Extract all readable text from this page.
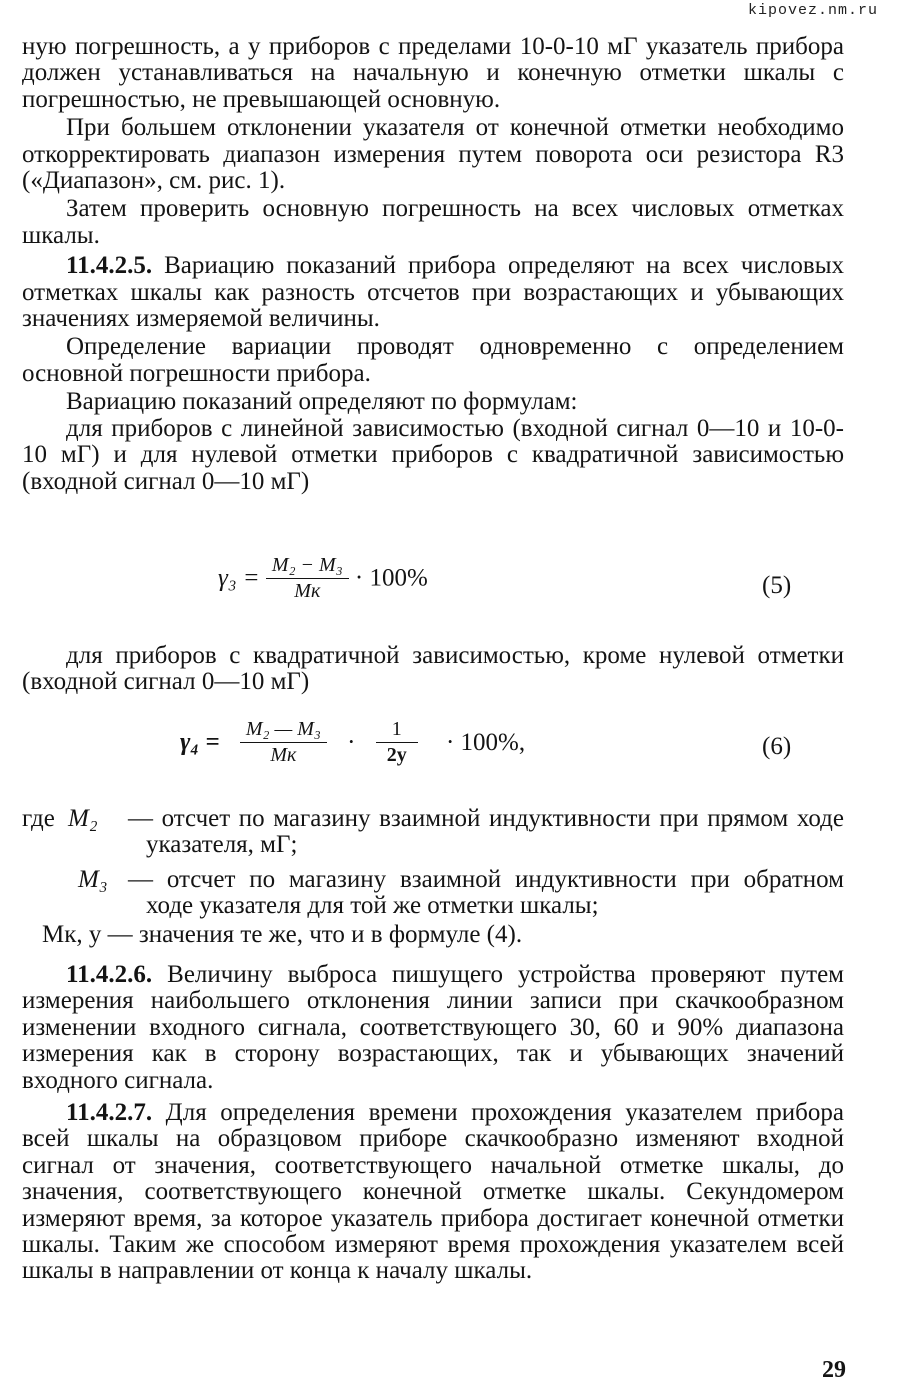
kipovez.nm.ru

ную погрешность, а у приборов с пределами 10-0-10 мГ указатель прибора должен устанавливаться на начальную и конечную отметки шкалы с погрешностью, не превышающей основную.

При большем отклонении указателя от конечной отметки необходимо откорректировать диапазон измерения путем поворота оси резистора R3 («Диапазон», см. рис. 1).

Затем проверить основную погрешность на всех числовых отметках шкалы.

11.4.2.5. Вариацию показаний прибора определяют на всех числовых отметках шкалы как разность отсчетов при возрастающих и убывающих значениях измеряемой величины.

Определение вариации проводят одновременно с определением основной погрешности прибора.

Вариацию показаний определяют по формулам:

для приборов с линейной зависимостью (входной сигнал 0—10 и 10-0-10 мГ) и для нулевой отметки приборов с квадратичной зависимостью (входной сигнал 0—10 мГ)

$\gamma_3 = \frac{\text{M₂ − M₃}}{Mк} \cdot 100\%$	(5)

для приборов с квадратичной зависимостью, кроме нулевой отметки (входной сигнал 0—10 мГ)

$\gamma_4 = \frac{\text{M₂ — M₃}}{Mк} \cdot \frac{1}{2y} \cdot 100\%$,	(6)
где M₂ — отсчет по магазину взаимной индуктивности при прямом ходе указателя, мГ;
M₃ — отсчет по магазину взаимной индуктивности при обратном ходе указателя для той же отметки шкалы;
Mк, y — значения те же, что и в формуле (4).

11.4.2.6. Величину выброса пишущего устройства проверяют путем измерения наибольшего отклонения линии записи при скачкообразном изменении входного сигнала, соответствующего 30, 60 и 90% диапазона измерения как в сторону возрастающих, так и убывающих значений входного сигнала.

11.4.2.7. Для определения времени прохождения указателем прибора всей шкалы на образцовом приборе скачкообразно изменяют входной сигнал от значения, соответствующего начальной отметке шкалы, до значения, соответствующего конечной отметке шкалы. Секундомером измеряют время, за которое указатель прибора достигает конечной отметки шкалы. Таким же способом измеряют время прохождения указателем всей шкалы в направлении от конца к началу шкалы.

29
